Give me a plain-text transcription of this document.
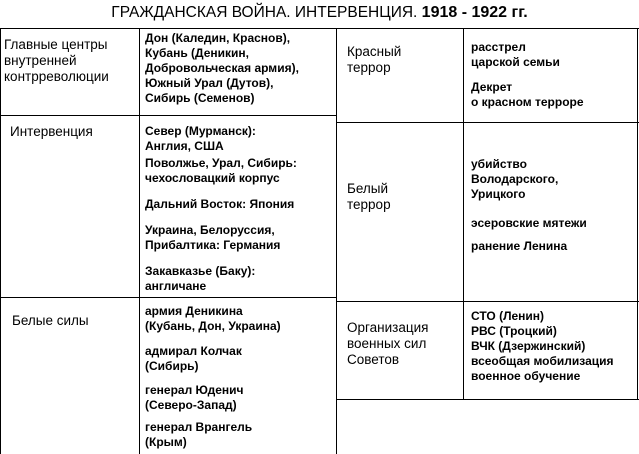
ГРАЖДАНСКАЯ ВОЙНА. ИНТЕРВЕНЦИЯ. 1918 - 1922 гг.
Главные центры
внутренней
контрреволюции
Дон (Каледин, Краснов),
Кубань (Деникин,
Добровольческая армия),
Южный Урал (Дутов),
Сибирь (Семенов)
Интервенция	Север (Мурманск):
Англия, США
Поволжье, Урал, Сибирь:
чехословацкий корпус
Дальний Восток: Япония
Украина, Белоруссия,
Прибалтика: Германия
Закавказье (Баку):
англичане
Белые силы
армия Деникина
(Кубань, Дон, Украина)
адмирал Колчак
(Сибирь)
генерал Юденич
(Северо-Запад)
генерал Врангель
(Крым)
Красный
террор
расстрел
царской семьи
Декрет
о красном терроре
Белый
террор
убийство
Володарского,
Урицкого
эсеровские мятежи
ранение Ленина
Организация
военных сил
Советов
СТО (Ленин)
РВС (Троцкий)
ВЧК (Дзержинский)
всеобщая мобилизация
военное обучение
